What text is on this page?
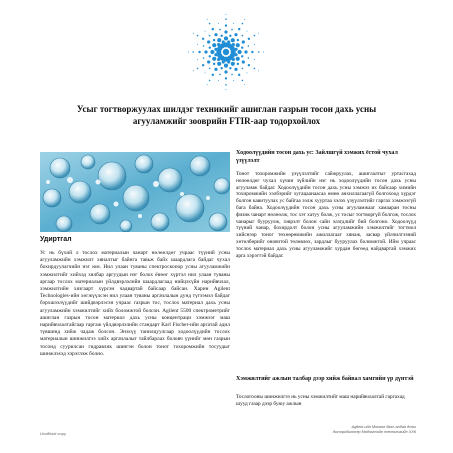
Усыг тогтворжуулах шилдэг техникийг ашиглан газрын тосон дахь усны
агууламжийг зооврийн FTIR-аар тодорхойлох

Удиртгал

Ус нь бүхий л тослох материалын чанарт нөлөөлдөг учраас түүний усны агууламжийн хэмжилт хяналтыг байнга тавьж байх шаардлага байдаг чухал бохирдуулагчийн нэг юм. Нил улаан туяаны спектроскопор усны агууламжийн хэмжилтийг хийхэд хялбар аргуудын нэг болох ёнөөг хүртэл нил улаан туяаны аргаар тослох материалын үйлдвэрлэлийн шаардлагаад нийцэхүйн нарийвчлал, хэмжилтийн хязгаарт хүрсэн чадвартай байсаар байсан. Харин Agilent Technologies-ийн хөгжүүлсэн нил улаан туяаны аргачлалын дунд түгээмэл байдаг бэрхшээлүүдийг шийдвэрлэсэн учраас газрын тос, тослох материал дахь усны агууламжийн хэмжилтийг хийх боломжтой болсон. Agilent 5500 спектрометрийг ашиглан газрын тосон материал дахь усны концентраци хэмжээг маш нарийвчлалтайгаар гаргаж үйлдвэрлэлийн стандарт Karl Fischer-ийн аргатай адил түвшинд хийж чадаж болсон. Энэхүү танилцуулгаар ходоолүүдийн тослох материалын шинжилгээ хийх аргачлалыг тайлбарлах боловч үүнийг мөн газрын тосонд суурилсан гидравлик шингэн болон тонот тохоромжийн тосуудыг шинжлэхэд хэрэглэж болно.

Ходоолүүдийн тосон дахь ус: Зайлшгүй хэмжих ёстой чухал үзүүлэлт

Тонот тохоромжийн үзүүлэлтийг сайжруулах, ашиглалтыг уртасгахад нөлөөлдөг чухал хүчин зүйлийн нэг нь ходоолүүдийн тосон дахь усны агууламж байдаг. Ходоолүүдийн тосон дахь усны хэмжээ их байсаар химийн тохиромжийн хэлбэрийг хугацаанаасаа өмнө анхиллагаагүй болгохоод хүрдэг болгон кавитуулах ус байгаа ээлж хууртаа хэлэх үзүүлэлтийг гаргах хэмжээгүй бага байна. Ходоолүүдийн тосон дахь усны агууламжааг хамааран тосны физик чанарт нөлөөлж, тос хэт хатуу болж, ус тосыг тогтворгүй болгож, тослох чанарыг бууруулж, зэврэлт болон сайн элэгдлийг бий болгоно. Ходоолүүд түүний чанар, бохирдолт болон усны агууламжийн хэмжилтийг тогтмол хийснээр тоног төхөөрөмжийн ажиллагааг хянаж, засвар үйлчилгээний хөтөлбөрийг оновчтой төлөвлөх, зардлыг бууруулах боломжтой. Ийм учраас тослох материал дахь усны агууламжийг хурдан бөгөөд найдвартай хэмжих арга хэрэгтэй байдаг.

Хэмжилтийг ажлын талбар дээр хийж байвал хамгийн үр дүнтэй

Тослогооны шинжилгээ нь усны хэмжилтийг маш нарийвчлалтай гаргахад шууд газар дээр буюу ажлын

Unofficial copy

Agilent-ийн Монгол дахь албан ёсны
дистрибьютер Мэдээллийн технологийн ХХК
